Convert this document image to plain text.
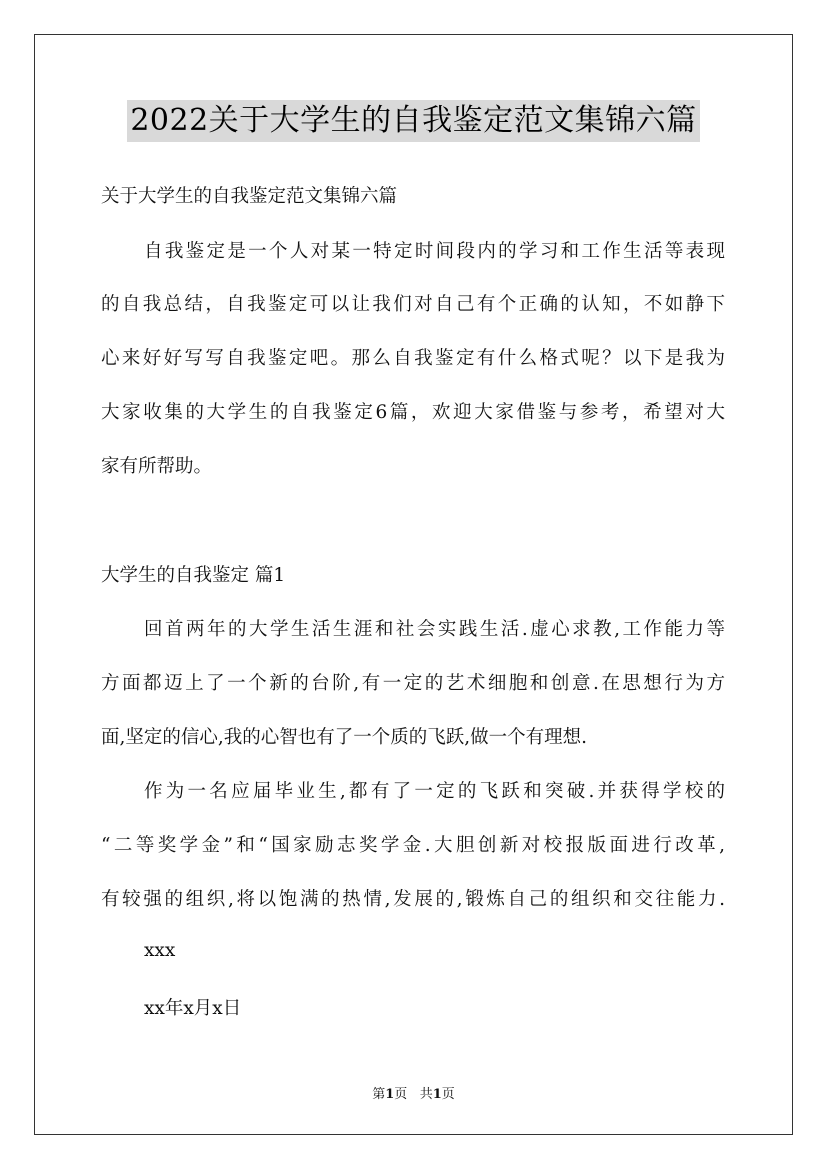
2022关于大学生的自我鉴定范文集锦六篇
关于大学生的自我鉴定范文集锦六篇
自我鉴定是一个人对某一特定时间段内的学习和工作生活等表现
的自我总结，自我鉴定可以让我们对自己有个正确的认知，不如静下
心来好好写写自我鉴定吧。那么自我鉴定有什么格式呢？以下是我为
大家收集的大学生的自我鉴定6篇，欢迎大家借鉴与参考，希望对大
家有所帮助。
大学生的自我鉴定 篇1
回首两年的大学生活生涯和社会实践生活.虚心求教,工作能力等
方面都迈上了一个新的台阶,有一定的艺术细胞和创意.在思想行为方
面,坚定的信心,我的心智也有了一个质的飞跃,做一个有理想.
作为一名应届毕业生,都有了一定的飞跃和突破.并获得学校的
“二等奖学金”和“国家励志奖学金.大胆创新对校报版面进行改革,
有较强的组织,将以饱满的热情,发展的,锻炼自己的组织和交往能力.
xxx
xx年x月x日
第1页 共1页
